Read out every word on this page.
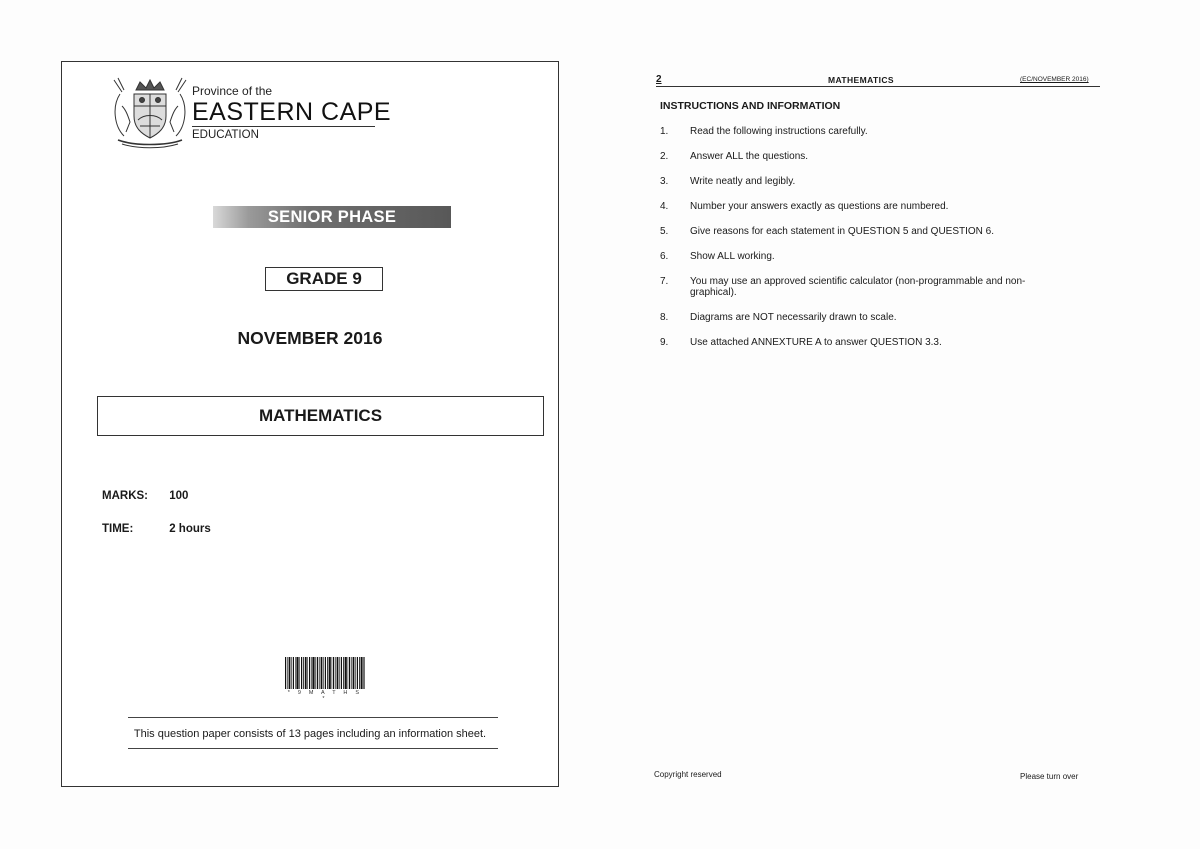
Province of the
EASTERN CAPE
EDUCATION
SENIOR PHASE
GRADE 9
NOVEMBER 2016
MATHEMATICS
MARKS: 100
TIME:	2 hours
* 9 M A T H S *
This question paper consists of 13 pages including an information sheet.
2	MATHEMATICS	(EC/NOVEMBER 2016)
INSTRUCTIONS AND INFORMATION
1.	Read the following instructions carefully.
2.	Answer ALL the questions.
3.	Write neatly and legibly.
4.	Number your answers exactly as questions are numbered.
5.	Give reasons for each statement in QUESTION 5 and QUESTION 6.
6.	Show ALL working.
7.	You may use an approved scientific calculator (non-programmable and non-graphical).
8.	Diagrams are NOT necessarily drawn to scale.
9.	Use attached ANNEXTURE A to answer QUESTION 3.3.
Copyright reserved	Please turn over
